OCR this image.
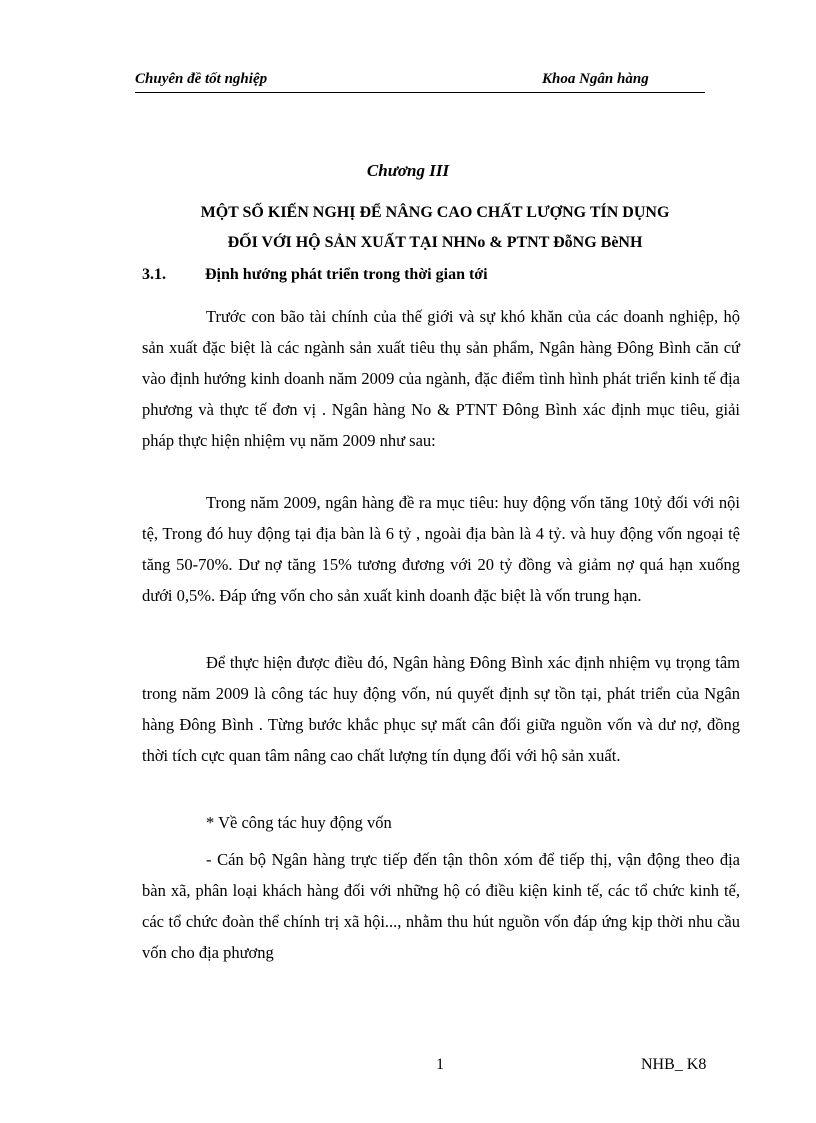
Chuyên đề tốt nghiệp	Khoa Ngân hàng
Chương III
MỘT SỐ KIẾN NGHỊ ĐỂ NÂNG CAO CHẤT LƯỢNG TÍN DỤNG
ĐỐI VỚI HỘ SẢN XUẤT TẠI NHNo & PTNT ĐỗNG BèNH
3.1.	Định hướng phát triển trong thời gian tới

Trước con bão tài chính của thế giới và sự khó khăn của các doanh nghiệp, hộ sản xuất đặc biệt là các ngành sản xuất tiêu thụ sản phẩm, Ngân hàng Đông Bình căn cứ vào định hướng kinh doanh năm 2009 của ngành, đặc điểm tình hình phát triển kinh tế địa phương và thực tế đơn vị . Ngân hàng No & PTNT Đông Bình xác định mục tiêu, giải pháp thực hiện nhiệm vụ năm 2009 như sau:

Trong năm 2009, ngân hàng đề ra mục tiêu: huy động vốn tăng 10tỷ đối với nội tệ, Trong đó huy động tại địa bàn là 6 tỷ , ngoài địa bàn là 4 tỷ. và huy động vốn ngoại tệ tăng 50-70%. Dư nợ tăng 15% tương đương với 20 tỷ đồng và giảm nợ quá hạn xuống dưới 0,5%. Đáp ứng vốn cho sản xuất kinh doanh đặc biệt là vốn trung hạn.

Để thực hiện được điều đó, Ngân hàng Đông Bình xác định nhiệm vụ trọng tâm trong năm 2009 là công tác huy động vốn, nú quyết định sự tồn tại, phát triển của Ngân hàng Đông Bình . Từng bước khắc phục sự mất cân đối giữa nguồn vốn và dư nợ, đồng thời tích cực quan tâm nâng cao chất lượng tín dụng đối với hộ sản xuất.

* Về công tác huy động vốn

- Cán bộ Ngân hàng trực tiếp đến tận thôn xóm để tiếp thị, vận động theo địa bàn xã, phân loại khách hàng đối với những hộ có điều kiện kinh tế, các tổ chức kinh tế, các tổ chức đoàn thể chính trị xã hội..., nhằm thu hút nguồn vốn đáp ứng kịp thời nhu cầu vốn cho địa phương

1	NHB_ K8
